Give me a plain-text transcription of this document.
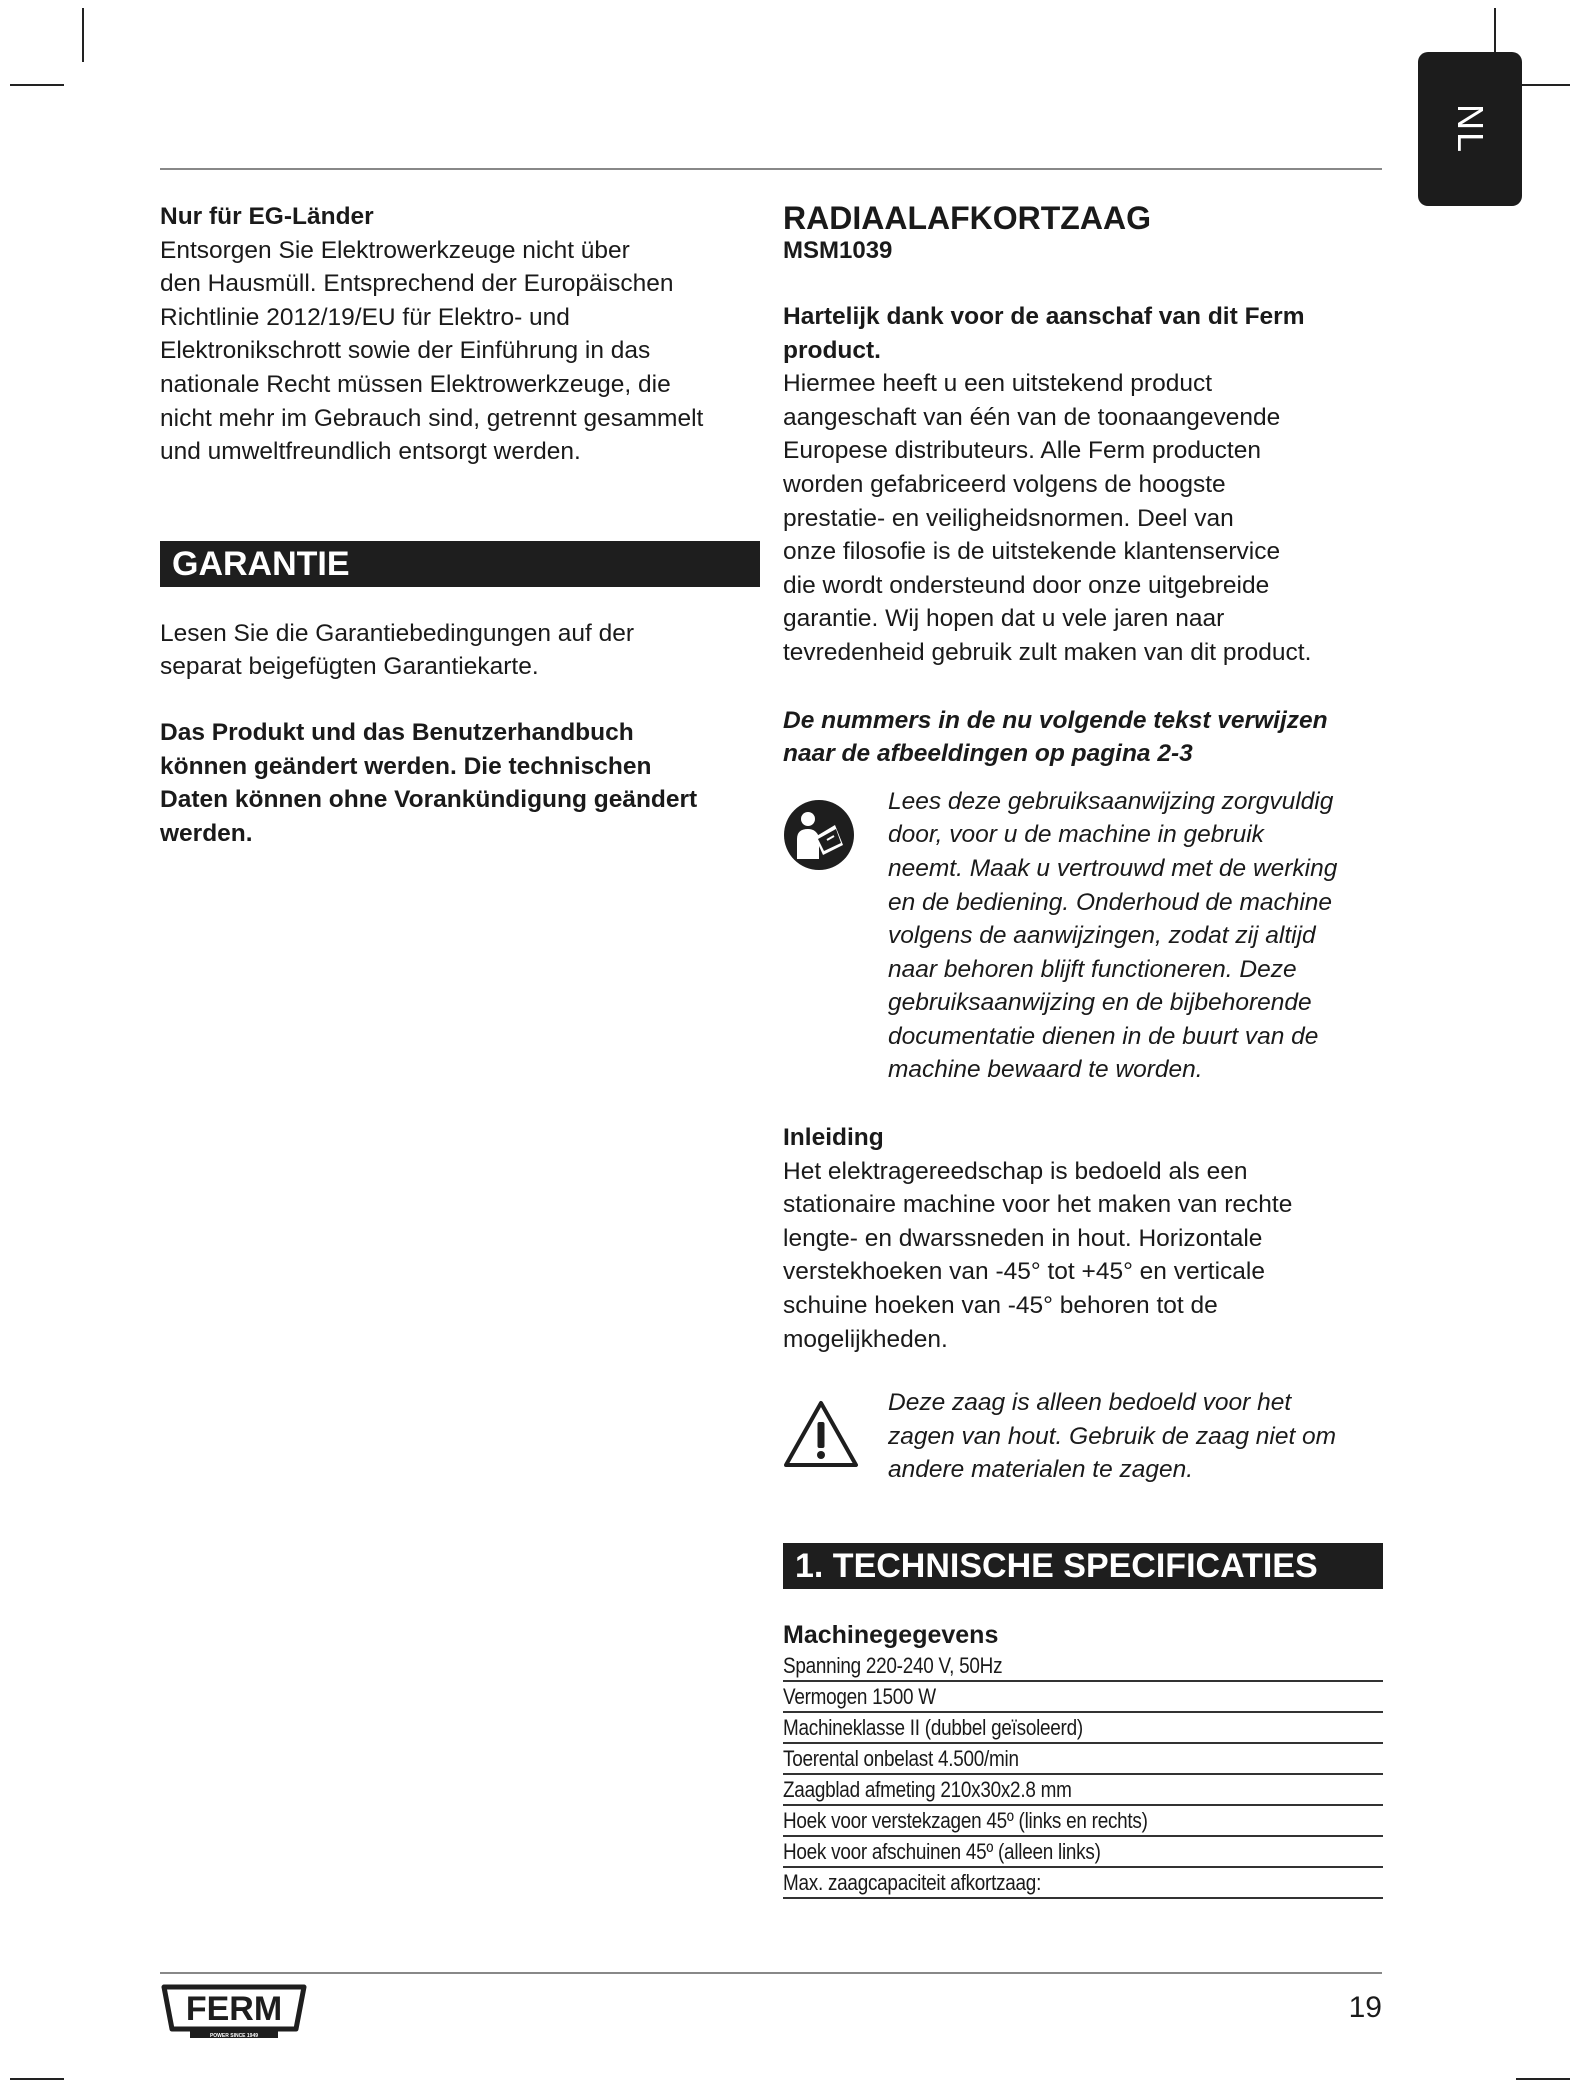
NL

Nur für EG-Länder

Entsorgen Sie Elektrowerkzeuge nicht über

den Hausmüll. Entsprechend der Europäischen

Richtlinie 2012/19/EU für Elektro- und

Elektronikschrott sowie der Einführung in das

nationale Recht müssen Elektrowerkzeuge, die

nicht mehr im Gebrauch sind, getrennt gesammelt

und umweltfreundlich entsorgt werden.

GARANTIE

Lesen Sie die Garantiebedingungen auf der

separat beigefügten Garantiekarte.

Das Produkt und das Benutzerhandbuch

können geändert werden. Die technischen

Daten können ohne Vorankündigung geändert

werden.

RADIAALAFKORTZAAG

MSM1039

Hartelijk dank voor de aanschaf van dit Ferm

product.

Hiermee heeft u een uitstekend product

aangeschaft van één van de toonaangevende

Europese distributeurs. Alle Ferm producten

worden gefabriceerd volgens de hoogste

prestatie- en veiligheidsnormen. Deel van

onze filosofie is de uitstekende klantenservice

die wordt ondersteund door onze uitgebreide

garantie. Wij hopen dat u vele jaren naar

tevredenheid gebruik zult maken van dit product.

De nummers in de nu volgende tekst verwijzen

naar de afbeeldingen op pagina 2-3

Lees deze gebruiksaanwijzing zorgvuldig

door, voor u de machine in gebruik

neemt. Maak u vertrouwd met de werking

en de bediening. Onderhoud de machine

volgens de aanwijzingen, zodat zij altijd

naar behoren blijft functioneren. Deze

gebruiksaanwijzing en de bijbehorende

documentatie dienen in de buurt van de

machine bewaard te worden.

Inleiding

Het elektragereedschap is bedoeld als een

stationaire machine voor het maken van rechte

lengte- en dwarssneden in hout. Horizontale

verstekhoeken van -45° tot +45° en verticale

schuine hoeken van -45° behoren tot de

mogelijkheden.

Deze zaag is alleen bedoeld voor het

zagen van hout. Gebruik de zaag niet om

andere materialen te zagen.

1. TECHNISCHE SPECIFICATIES

Machinegegevens

Spanning 220-240 V, 50Hz
Vermogen 1500 W
Machineklasse II (dubbel geïsoleerd)
Toerental onbelast 4.500/min
Zaagblad afmeting 210x30x2.8 mm
Hoek voor verstekzagen 45º (links en rechts)
Hoek voor afschuinen 45º (alleen links)
Max. zaagcapaciteit afkortzaag:
FERM
POWER SINCE 1949
19
